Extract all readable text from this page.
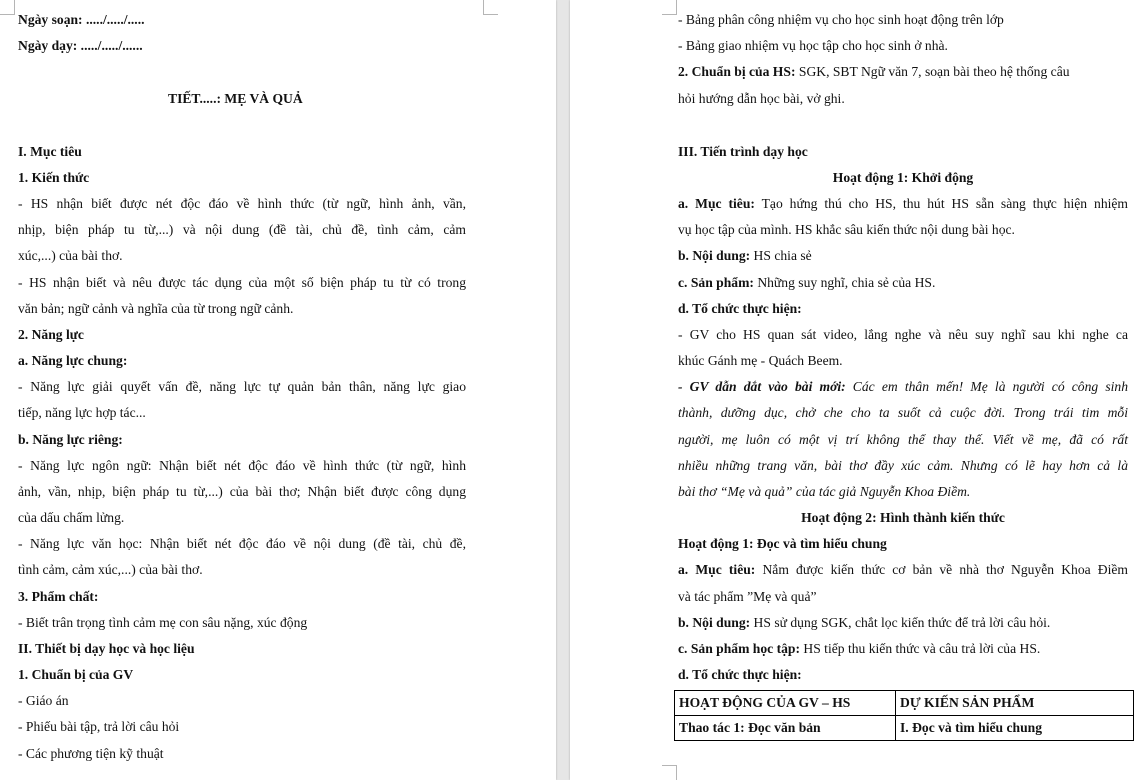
Ngày soạn: ...../...../.....
Ngày dạy: ...../...../......
TIẾT.....: MẸ VÀ QUẢ
I. Mục tiêu
1. Kiến thức
- HS nhận biết được nét độc đáo về hình thức (từ ngữ, hình ảnh, vần,
nhịp, biện pháp tu từ,...) và nội dung (đề tài, chủ đề, tình cảm, cảm
xúc,...) của bài thơ.
- HS nhận biết và nêu được tác dụng của một số biện pháp tu từ có trong
văn bản; ngữ cảnh và nghĩa của từ trong ngữ cảnh.
2. Năng lực
a. Năng lực chung:
- Năng lực giải quyết vấn đề, năng lực tự quản bản thân, năng lực giao
tiếp, năng lực hợp tác...
b. Năng lực riêng:
- Năng lực ngôn ngữ: Nhận biết nét độc đáo về hình thức (từ ngữ, hình
ảnh, vần, nhịp, biện pháp tu từ,...) của bài thơ; Nhận biết được công dụng
của dấu chấm lửng.
- Năng lực văn học: Nhận biết nét độc đáo về nội dung (đề tài, chủ đề,
tình cảm, cảm xúc,...) của bài thơ.
3. Phẩm chất:
- Biết trân trọng tình cảm mẹ con sâu nặng, xúc động
II. Thiết bị dạy học và học liệu
1. Chuẩn bị của GV
- Giáo án
- Phiếu bài tập, trả lời câu hỏi
- Các phương tiện kỹ thuật
- Bảng phân công nhiệm vụ cho học sinh hoạt động trên lớp
- Bảng giao nhiệm vụ học tập cho học sinh ở nhà.
2. Chuẩn bị của HS: SGK, SBT Ngữ văn 7, soạn bài theo hệ thống câu
hỏi hướng dẫn học bài, vở ghi.
III. Tiến trình dạy học
Hoạt động 1: Khởi động
a. Mục tiêu: Tạo hứng thú cho HS, thu hút HS sẵn sàng thực hiện nhiệm
vụ học tập của mình. HS khắc sâu kiến thức nội dung bài học.
b. Nội dung: HS chia sẻ
c. Sản phẩm: Những suy nghĩ, chia sẻ của HS.
d. Tổ chức thực hiện:
- GV cho HS quan sát video, lắng nghe và nêu suy nghĩ sau khi nghe ca
khúc Gánh mẹ - Quách Beem.
- GV dẫn dắt vào bài mới: Các em thân mến! Mẹ là người có công sinh
thành, dưỡng dục, chở che cho ta suốt cả cuộc đời. Trong trái tim mỗi
người, mẹ luôn có một vị trí không thể thay thế. Viết về mẹ, đã có rất
nhiều những trang văn, bài thơ đầy xúc cảm. Nhưng có lẽ hay hơn cả là
bài thơ “Mẹ và quả” của tác giả Nguyễn Khoa Điềm.
Hoạt động 2: Hình thành kiến thức
Hoạt động 1: Đọc và tìm hiểu chung
a. Mục tiêu: Nắm được kiến thức cơ bản về nhà thơ Nguyễn Khoa Điềm
và tác phẩm ”Mẹ và quả”
b. Nội dung: HS sử dụng SGK, chắt lọc kiến thức để trả lời câu hỏi.
c. Sản phẩm học tập: HS tiếp thu kiến thức và câu trả lời của HS.
d. Tổ chức thực hiện:
HOẠT ĐỘNG CỦA GV – HS	DỰ KIẾN SẢN PHẨM
Thao tác 1: Đọc văn bản	I. Đọc và tìm hiểu chung
